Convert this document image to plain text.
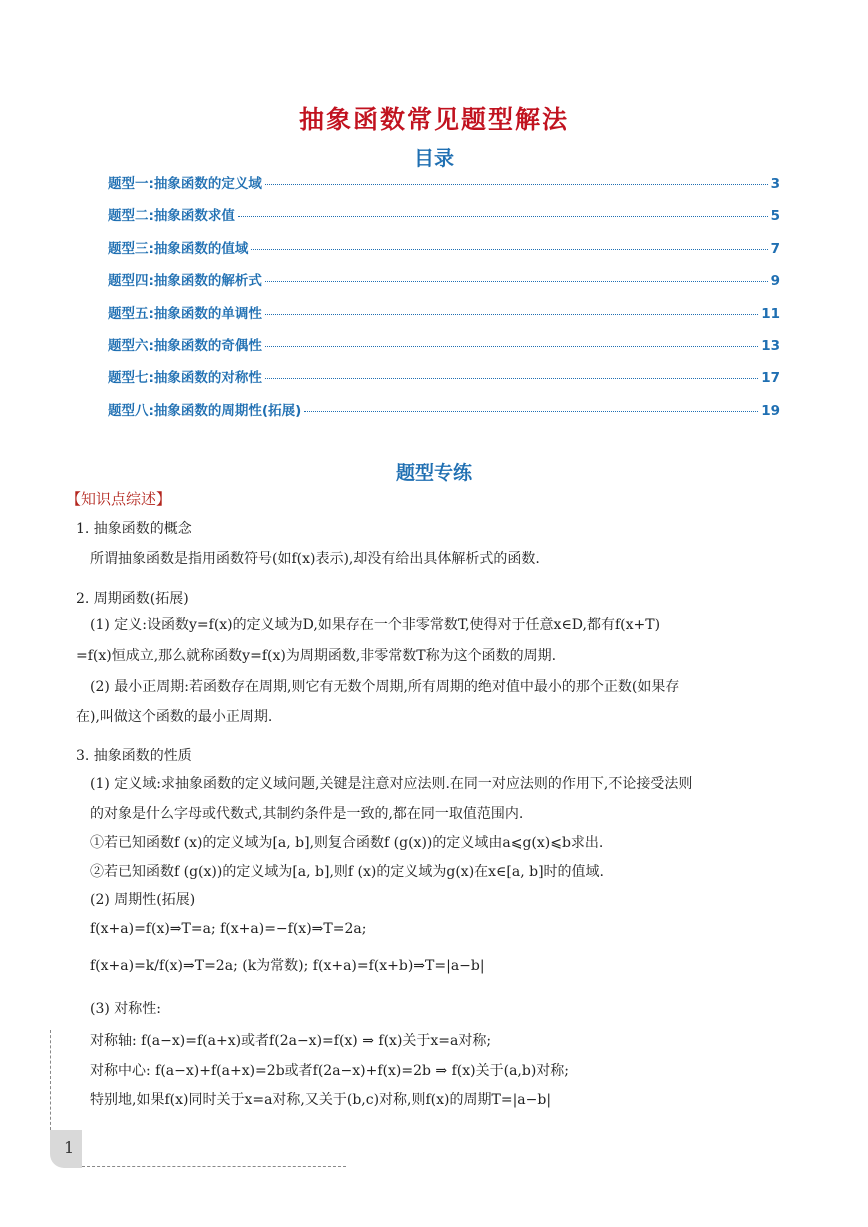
抽象函数常见题型解法
目录
题型一:抽象函数的定义域	3
题型二:抽象函数求值	5
题型三:抽象函数的值域	7
题型四:抽象函数的解析式	9
题型五:抽象函数的单调性	11
题型六:抽象函数的奇偶性	13
题型七:抽象函数的对称性	17
题型八:抽象函数的周期性(拓展)	19
题型专练
【知识点综述】
1. 抽象函数的概念
所谓抽象函数是指用函数符号(如f(x)表示),却没有给出具体解析式的函数.
2. 周期函数(拓展)
(1) 定义:设函数y=f(x)的定义域为D,如果存在一个非零常数T,使得对于任意x∈D,都有f(x+T)
=f(x)恒成立,那么就称函数y=f(x)为周期函数,非零常数T称为这个函数的周期.
(2) 最小正周期:若函数存在周期,则它有无数个周期,所有周期的绝对值中最小的那个正数(如果存
在),叫做这个函数的最小正周期.
3. 抽象函数的性质
(1) 定义域:求抽象函数的定义域问题,关键是注意对应法则.在同一对应法则的作用下,不论接受法则
的对象是什么字母或代数式,其制约条件是一致的,都在同一取值范围内.
①若已知函数f (x)的定义域为[a, b],则复合函数f (g(x))的定义域由a⩽g(x)⩽b求出.
②若已知函数f (g(x))的定义域为[a, b],则f (x)的定义域为g(x)在x∈[a, b]时的值域.
(2) 周期性(拓展)
f(x+a)=f(x)⇒T=a; f(x+a)=−f(x)⇒T=2a;
f(x+a)=k/f(x)⇒T=2a; (k为常数); f(x+a)=f(x+b)⇒T=|a−b|
(3) 对称性:
对称轴: f(a−x)=f(a+x)或者f(2a−x)=f(x) ⇒ f(x)关于x=a对称;
对称中心: f(a−x)+f(a+x)=2b或者f(2a−x)+f(x)=2b ⇒ f(x)关于(a,b)对称;
特别地,如果f(x)同时关于x=a对称,又关于(b,c)对称,则f(x)的周期T=|a−b|
1
